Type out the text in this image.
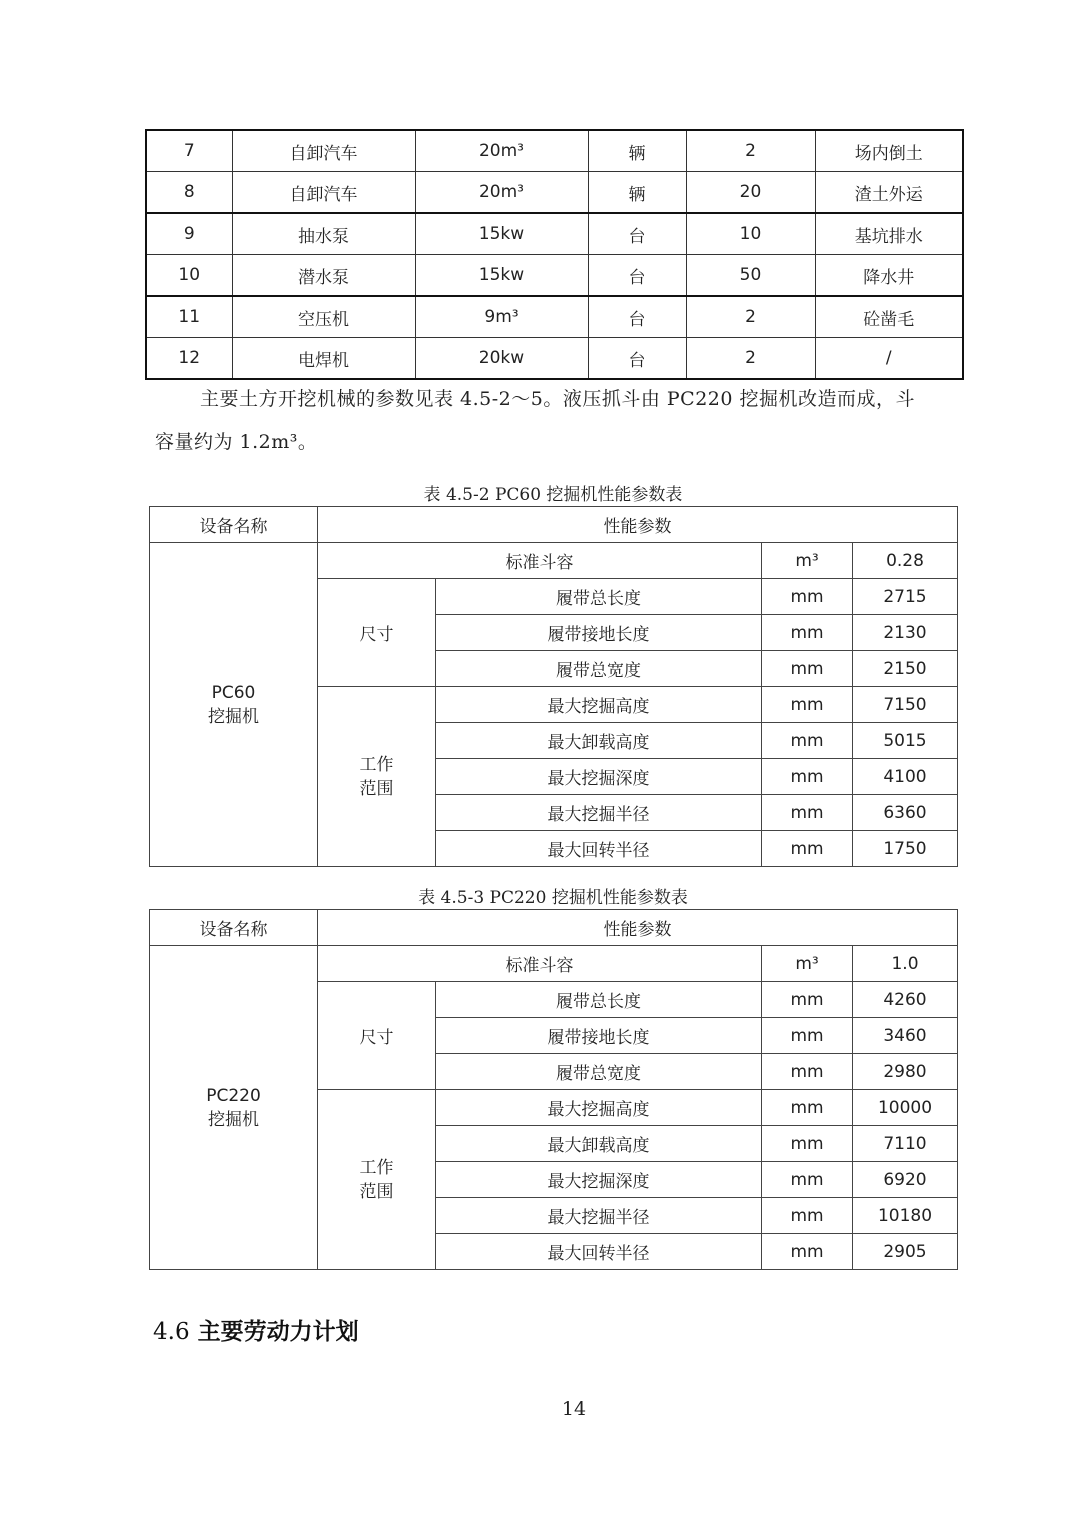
7	自卸汽车	20m³	辆	2	场内倒土
8	自卸汽车	20m³	辆	20	渣土外运
9	抽水泵	15kw	台	10	基坑排水
10	潜水泵	15kw	台	50	降水井
11	空压机	9m³	台	2	砼凿毛
12	电焊机	20kw	台	2	/
主要土方开挖机械的参数见表 4.5-2～5。液压抓斗由 PC220 挖掘机改造而成，斗
容量约为 1.2m³。
表 4.5-2 PC60 挖掘机性能参数表
设备名称	性能参数			
PC60 挖掘机	标准斗容		m³	0.28
	尺寸	履带总长度	mm	2715
		履带接地长度	mm	2130
		履带总宽度	mm	2150
	工作范围	最大挖掘高度	mm	7150
		最大卸载高度	mm	5015
		最大挖掘深度	mm	4100
		最大挖掘半径	mm	6360
		最大回转半径	mm	1750
表 4.5-3 PC220 挖掘机性能参数表
设备名称	性能参数			
PC220 挖掘机	标准斗容		m³	1.0
	尺寸	履带总长度	mm	4260
		履带接地长度	mm	3460
		履带总宽度	mm	2980
	工作范围	最大挖掘高度	mm	10000
		最大卸载高度	mm	7110
		最大挖掘深度	mm	6920
		最大挖掘半径	mm	10180
		最大回转半径	mm	2905
4.6 主要劳动力计划
14
